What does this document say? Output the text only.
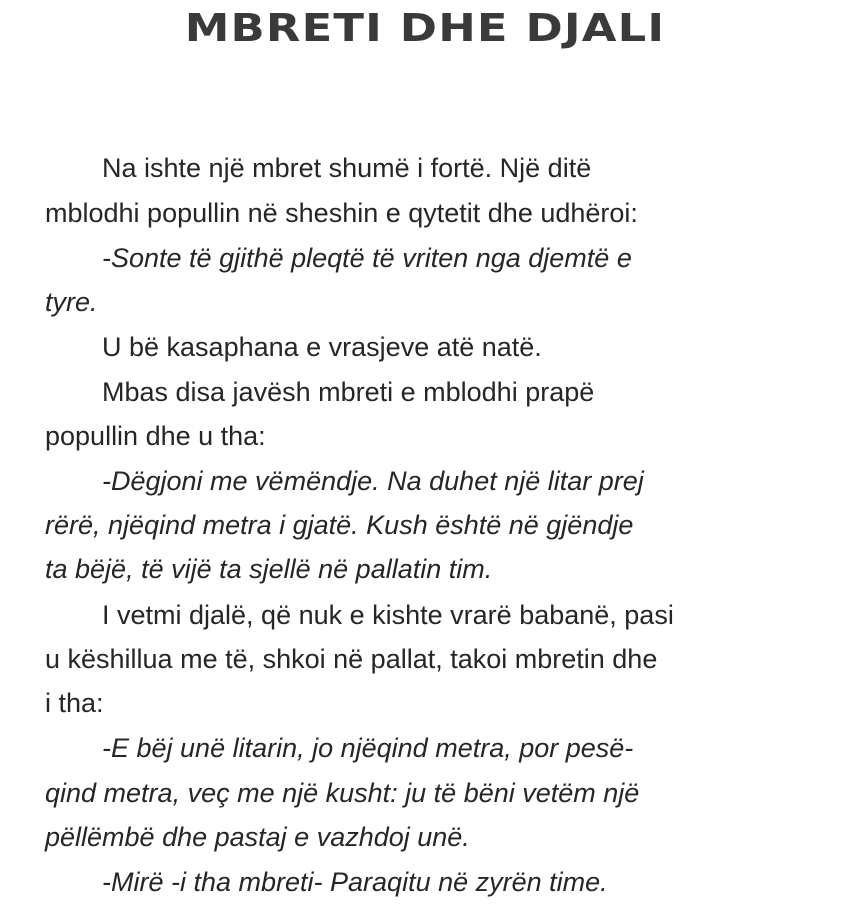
MBRETI DHE DJALI
Na ishte një mbret shumë i fortë. Një ditë
mblodhi popullin në sheshin e qytetit dhe udhëroi:
-Sonte të gjithë pleqtë të vriten nga djemtë e
tyre.
U bë kasaphana e vrasjeve atë natë.
Mbas disa javësh mbreti e mblodhi prapë
popullin dhe u tha:
-Dëgjoni me vëmëndje. Na duhet një litar prej
rërë, njëqind metra i gjatë. Kush është në gjëndje
ta bëjë, të vijë ta sjellë në pallatin tim.
I vetmi djalë, që nuk e kishte vrarë babanë, pasi
u këshillua me të, shkoi në pallat, takoi mbretin dhe
i tha:
-E bëj unë litarin, jo njëqind metra, por pesë-
qind metra, veç me një kusht: ju të bëni vetëm një
pëllëmbë dhe pastaj e vazhdoj unë.
-Mirë -i tha mbreti- Paraqitu në zyrën time.
